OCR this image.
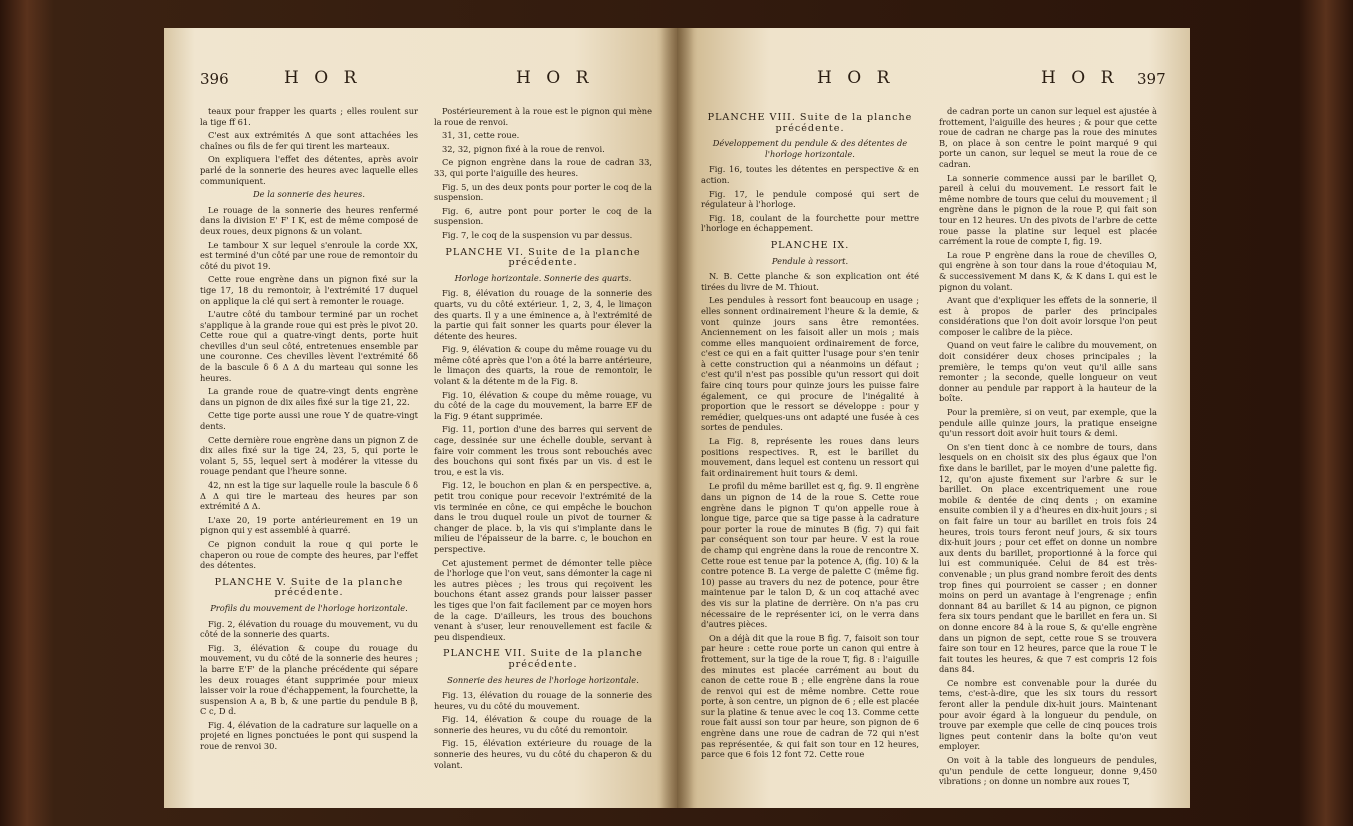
396	H O R	H O R

teaux pour frapper les quarts ; elles roulent sur la tige ff 61.

C'est aux extrémités Δ que sont attachées les chaînes ou fils de fer qui tirent les marteaux.

On expliquera l'effet des détentes, après avoir parlé de la sonnerie des heures avec laquelle elles communiquent.

De la sonnerie des heures.

Le rouage de la sonnerie des heures renfermé dans la division E' F' I K, est de même composé de deux roues, deux pignons & un volant.

Le tambour X sur lequel s'enroule la corde XX, est terminé d'un côté par une roue de remontoir du côté du pivot 19.

Cette roue engrène dans un pignon fixé sur la tige 17, 18 du remontoir, à l'extrémité 17 duquel on applique la clé qui sert à remonter le rouage.

L'autre côté du tambour terminé par un rochet s'applique à la grande roue qui est près le pivot 20. Cette roue qui a quatre-vingt dents, porte huit chevilles d'un seul côté, entretenues ensemble par une couronne. Ces chevilles lèvent l'extrémité δδ de la bascule δ δ Δ Δ du marteau qui sonne les heures.

La grande roue de quatre-vingt dents engrène dans un pignon de dix ailes fixé sur la tige 21, 22.

Cette tige porte aussi une roue Y de quatre-vingt dents.

Cette dernière roue engrène dans un pignon Z de dix ailes fixé sur la tige 24, 23, 5, qui porte le volant 5, 55, lequel sert à modérer la vitesse du rouage pendant que l'heure sonne.

42, nn est la tige sur laquelle roule la bascule δ δ Δ Δ qui tire le marteau des heures par son extrémité Δ Δ.

L'axe 20, 19 porte antérieurement en 19 un pignon qui y est assemblé à quarré.

Ce pignon conduit la roue q qui porte le chaperon ou roue de compte des heures, par l'effet des détentes.

PLANCHE V. Suite de la planche précédente.

Profils du mouvement de l'horloge horizontale.

Fig. 2, élévation du rouage du mouvement, vu du côté de la sonnerie des quarts.

Fig. 3, élévation & coupe du rouage du mouvement, vu du côté de la sonnerie des heures ; la barre E'F' de la planche précédente qui sépare les deux rouages étant supprimée pour mieux laisser voir la roue d'échappement, la fourchette, la suspension A a, B b, & une partie du pendule B β, C c, D d.

Fig. 4, élévation de la cadrature sur laquelle on a projeté en lignes ponctuées le pont qui suspend la roue de renvoi 30.

Postérieurement à la roue est le pignon qui mène la roue de renvoi.

31, 31, cette roue.

32, 32, pignon fixé à la roue de renvoi.

Ce pignon engrène dans la roue de cadran 33, 33, qui porte l'aiguille des heures.

Fig. 5, un des deux ponts pour porter le coq de la suspension.

Fig. 6, autre pont pour porter le coq de la suspension.

Fig. 7, le coq de la suspension vu par dessus.

PLANCHE VI. Suite de la planche précédente.

Horloge horizontale. Sonnerie des quarts.

Fig. 8, élévation du rouage de la sonnerie des quarts, vu du côté extérieur. 1, 2, 3, 4, le limaçon des quarts. Il y a une éminence a, à l'extrémité de la partie qui fait sonner les quarts pour élever la détente des heures.

Fig. 9, élévation & coupe du même rouage vu du même côté après que l'on a ôté la barre antérieure, le limaçon des quarts, la roue de remontoir, le volant & la détente m de la Fig. 8.

Fig. 10, élévation & coupe du même rouage, vu du côté de la cage du mouvement, la barre EF de la Fig. 9 étant supprimée.

Fig. 11, portion d'une des barres qui servent de cage, dessinée sur une échelle double, servant à faire voir comment les trous sont rebouchés avec des bouchons qui sont fixés par un vis. d est le trou, e est la vis.

Fig. 12, le bouchon en plan & en perspective. a, petit trou conique pour recevoir l'extrémité de la vis terminée en cône, ce qui empêche le bouchon dans le trou duquel roule un pivot de tourner & changer de place. b, la vis qui s'implante dans le milieu de l'épaisseur de la barre. c, le bouchon en perspective.

Cet ajustement permet de démonter telle pièce de l'horloge que l'on veut, sans démonter la cage ni les autres pièces ; les trous qui reçoivent les bouchons étant assez grands pour laisser passer les tiges que l'on fait facilement par ce moyen hors de la cage. D'ailleurs, les trous des bouchons venant à s'user, leur renouvellement est facile & peu dispendieux.

PLANCHE VII. Suite de la planche précédente.

Sonnerie des heures de l'horloge horizontale.

Fig. 13, élévation du rouage de la sonnerie des heures, vu du côté du mouvement.

Fig. 14, élévation & coupe du rouage de la sonnerie des heures, vu du côté du remontoir.

Fig. 15, élévation extérieure du rouage de la sonnerie des heures, vu du côté du chaperon & du volant.

H O R	H O R 397

PLANCHE VIII. Suite de la planche précédente.

Développement du pendule & des détentes de l'horloge horizontale.

Fig. 16, toutes les détentes en perspective & en action.

Fig. 17, le pendule composé qui sert de régulateur à l'horloge.

Fig. 18, coulant de la fourchette pour mettre l'horloge en échappement.

PLANCHE IX.

Pendule à ressort.

N. B. Cette planche & son explication ont été tirées du livre de M. Thiout.

Les pendules à ressort font beaucoup en usage ; elles sonnent ordinairement l'heure & la demie, & vont quinze jours sans être remontées. Anciennement on les faisoit aller un mois ; mais comme elles manquoient ordinairement de force, c'est ce qui en a fait quitter l'usage pour s'en tenir à cette construction qui a néanmoins un défaut ; c'est qu'il n'est pas possible qu'un ressort qui doit faire cinq tours pour quinze jours les puisse faire également, ce qui procure de l'inégalité à proportion que le ressort se développe : pour y remédier, quelques-uns ont adapté une fusée à ces sortes de pendules.

La Fig. 8, représente les roues dans leurs positions respectives. R, est le barillet du mouvement, dans lequel est contenu un ressort qui fait ordinairement huit tours & demi.

Le profil du même barillet est q, fig. 9. Il engrène dans un pignon de 14 de la roue S. Cette roue engrène dans le pignon T qu'on appelle roue à longue tige, parce que sa tige passe à la cadrature pour porter la roue de minutes B (fig. 7) qui fait par conséquent son tour par heure. V est la roue de champ qui engrène dans la roue de rencontre X. Cette roue est tenue par la potence A, (fig. 10) & la contre potence B. La verge de palette C (même fig. 10) passe au travers du nez de potence, pour être maintenue par le talon D, & un coq attaché avec des vis sur la platine de derrière. On n'a pas cru nécessaire de le représenter ici, on le verra dans d'autres pièces.

On a déjà dit que la roue B fig. 7, faisoit son tour par heure : cette roue porte un canon qui entre à frottement, sur la tige de la roue T, fig. 8 : l'aiguille des minutes est placée carrément au bout du canon de cette roue B ; elle engrène dans la roue de renvoi qui est de même nombre. Cette roue porte, à son centre, un pignon de 6 ; elle est placée sur la platine & tenue avec le coq 13. Comme cette roue fait aussi son tour par heure, son pignon de 6 engrène dans une roue de cadran de 72 qui n'est pas représentée, & qui fait son tour en 12 heures, parce que 6 fois 12 font 72. Cette roue

de cadran porte un canon sur lequel est ajustée à frottement, l'aiguille des heures ; & pour que cette roue de cadran ne charge pas la roue des minutes B, on place à son centre le point marqué 9 qui porte un canon, sur lequel se meut la roue de ce cadran.

La sonnerie commence aussi par le barillet Q, pareil à celui du mouvement. Le ressort fait le même nombre de tours que celui du mouvement ; il engrène dans le pignon de la roue P, qui fait son tour en 12 heures. Un des pivots de l'arbre de cette roue passe la platine sur lequel est placée carrément la roue de compte I, fig. 19.

La roue P engrène dans la roue de chevilles O, qui engrène à son tour dans la roue d'étoquiau M, & successivement M dans K, & K dans L qui est le pignon du volant.

Avant que d'expliquer les effets de la sonnerie, il est à propos de parler des principales considérations que l'on doit avoir lorsque l'on peut composer le calibre de la pièce.

Quand on veut faire le calibre du mouvement, on doit considérer deux choses principales ; la première, le temps qu'on veut qu'il aille sans remonter ; la seconde, quelle longueur on veut donner au pendule par rapport à la hauteur de la boîte.

Pour la première, si on veut, par exemple, que la pendule aille quinze jours, la pratique enseigne qu'un ressort doit avoir huit tours & demi.

On s'en tient donc à ce nombre de tours, dans lesquels on en choisit six des plus égaux que l'on fixe dans le barillet, par le moyen d'une palette fig. 12, qu'on ajuste fixement sur l'arbre & sur le barillet. On place excentriquement une roue mobile & dentée de cinq dents ; on examine ensuite combien il y a d'heures en dix-huit jours ; si on fait faire un tour au barillet en trois fois 24 heures, trois tours feront neuf jours, & six tours dix-huit jours ; pour cet effet on donne un nombre aux dents du barillet, proportionné à la force qui lui est communiquée. Celui de 84 est très-convenable ; un plus grand nombre feroit des dents trop fines qui pourroient se casser ; en donner moins on perd un avantage à l'engrenage ; enfin donnant 84 au barillet & 14 au pignon, ce pignon fera six tours pendant que le barillet en fera un. Si on donne encore 84 à la roue S, & qu'elle engrène dans un pignon de sept, cette roue S se trouvera faire son tour en 12 heures, parce que la roue T le fait toutes les heures, & que 7 est compris 12 fois dans 84.

Ce nombre est convenable pour la durée du tems, c'est-à-dire, que les six tours du ressort feront aller la pendule dix-huit jours. Maintenant pour avoir égard à la longueur du pendule, on trouve par exemple que celle de cinq pouces trois lignes peut contenir dans la boîte qu'on veut employer.

On voit à la table des longueurs de pendules, qu'un pendule de cette longueur, donne 9,450 vibrations ; on donne un nombre aux roues T,
